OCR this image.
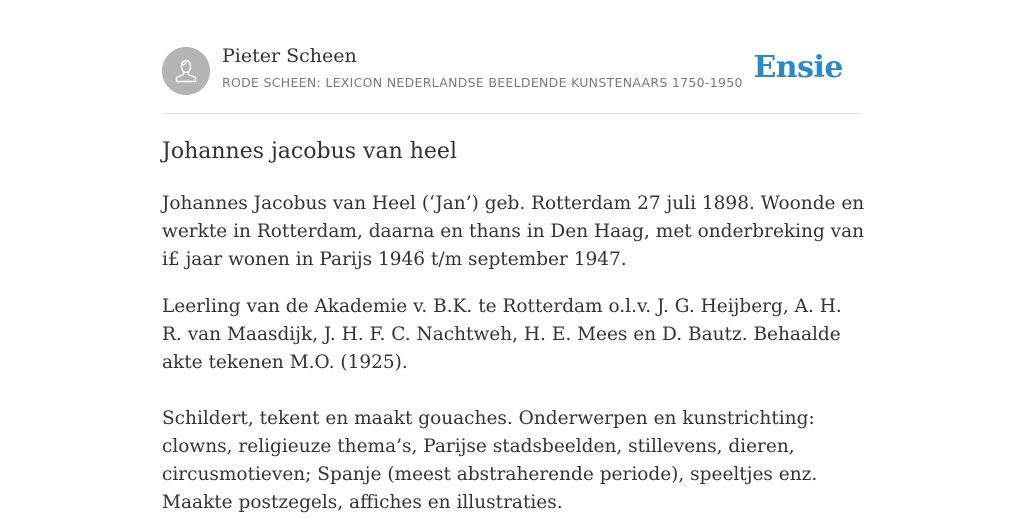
Pieter Scheen
RODE SCHEEN: LEXICON NEDERLANDSE BEELDENDE KUNSTENAARS 1750-1950 Ensie
Johannes jacobus van heel

Johannes Jacobus van Heel (‘Jan’) geb. Rotterdam 27 juli 1898. Woonde en werkte in Rotterdam, daarna en thans in Den Haag, met onderbreking van i£ jaar wonen in Parijs 1946 t/m september 1947.

Leerling van de Akademie v. B.K. te Rotterdam o.l.v. J. G. Heijberg, A. H. R. van Maasdijk, J. H. F. C. Nachtweh, H. E. Mees en D. Bautz. Behaalde akte tekenen M.O. (1925).

Schildert, tekent en maakt gouaches. Onderwerpen en kunstrichting: clowns, religieuze thema’s, Parijse stadsbeelden, stillevens, dieren, circusmotieven; Spanje (meest abstraherende periode), speeltjes enz. Maakte postzegels, affiches en illustraties.
